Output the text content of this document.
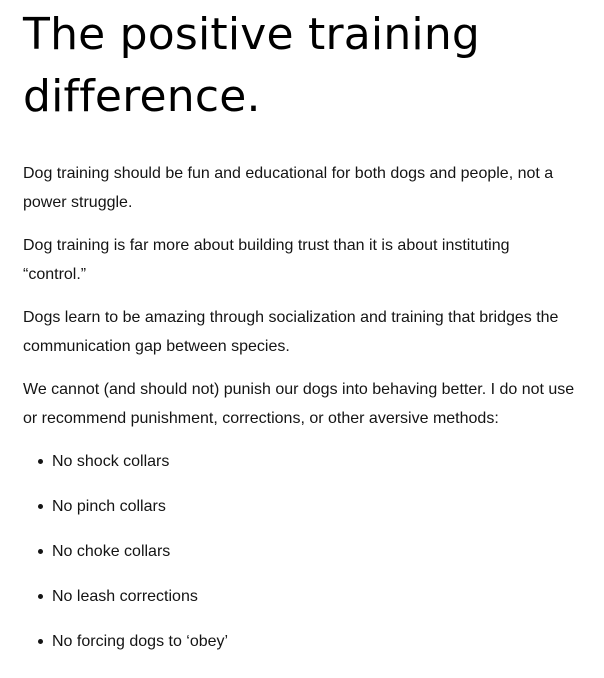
The positive training
difference.

Dog training should be fun and educational for both dogs and people, not a
power struggle.

Dog training is far more about building trust than it is about instituting
“control.”

Dogs learn to be amazing through socialization and training that bridges the
communication gap between species.

We cannot (and should not) punish our dogs into behaving better. I do not use
or recommend punishment, corrections, or other aversive methods:

No shock collars
No pinch collars
No choke collars
No leash corrections
No forcing dogs to ‘obey’
